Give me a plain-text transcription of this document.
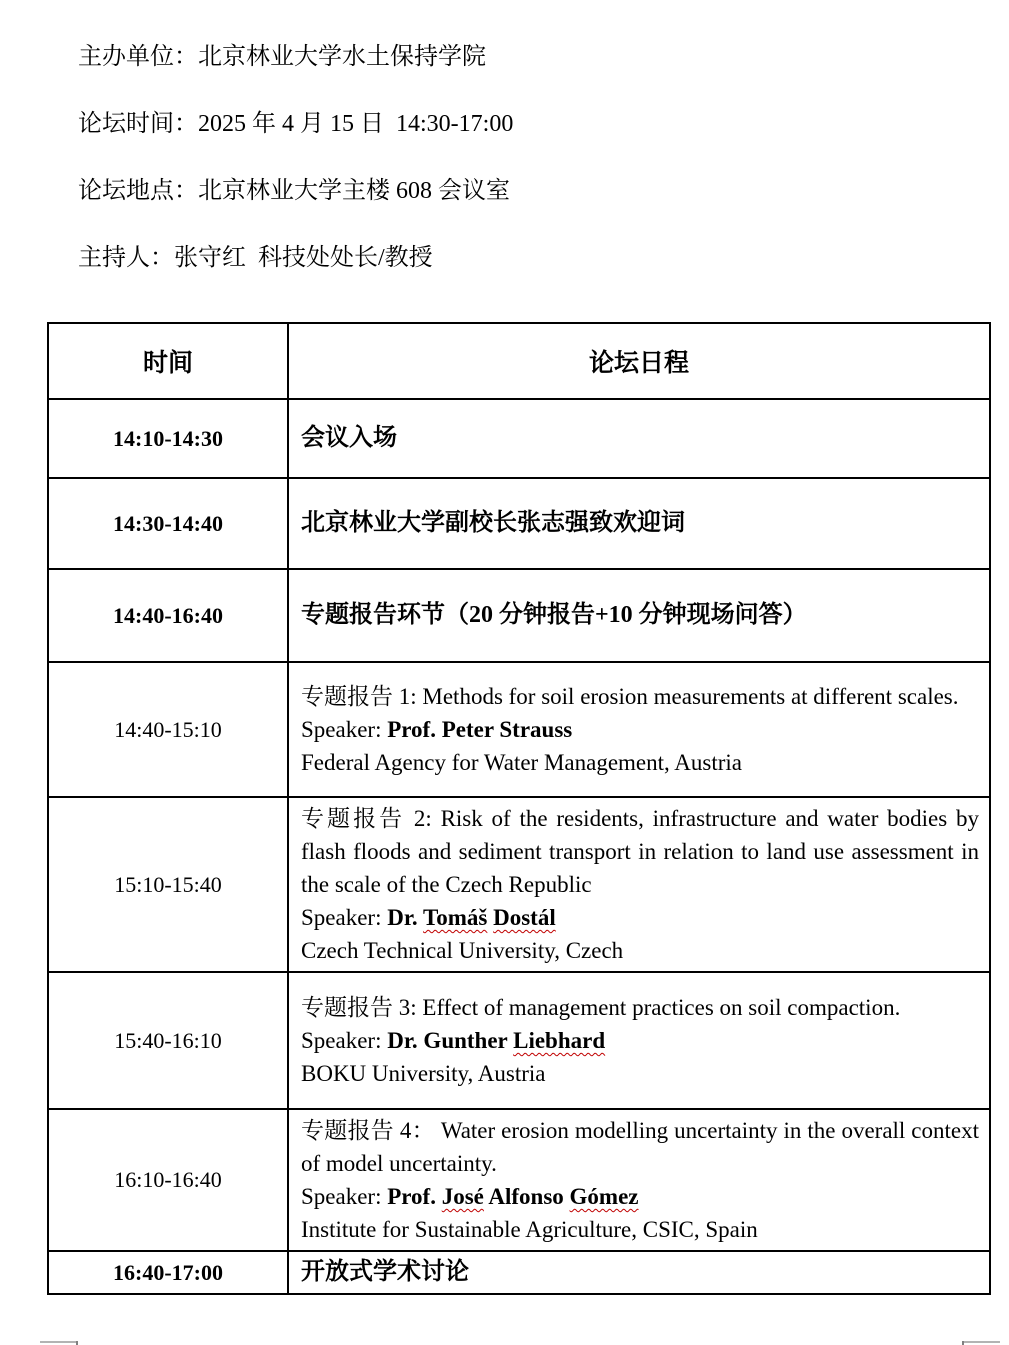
主办单位：北京林业大学水土保持学院
论坛时间：2025 年 4 月 15 日  14:30-17:00
论坛地点：北京林业大学主楼 608 会议室
主持人：张守红  科技处处长/教授
时间	论坛日程
14:10-14:30	会议入场
14:30-14:40	北京林业大学副校长张志强致欢迎词
14:40-16:40	专题报告环节（20 分钟报告+10 分钟现场问答）
14:40-15:10	专题报告 1: Methods for soil erosion measurements at different scales.
Speaker: Prof. Peter Strauss
Federal Agency for Water Management, Austria

15:10-15:40	专题报告 2: Risk of the residents, infrastructure and water bodies by flash floods and sediment transport in relation to land use assessment in the scale of the Czech Republic
Speaker: Dr. Tomáš Dostál
Czech Technical University, Czech

15:40-16:10	专题报告 3: Effect of management practices on soil compaction.
Speaker: Dr. Gunther Liebhard
BOKU University, Austria

16:10-16:40	专题报告 4： Water erosion modelling uncertainty in the overall context of model uncertainty.
Speaker: Prof. José Alfonso Gómez
Institute for Sustainable Agriculture, CSIC, Spain

16:40-17:00	开放式学术讨论
